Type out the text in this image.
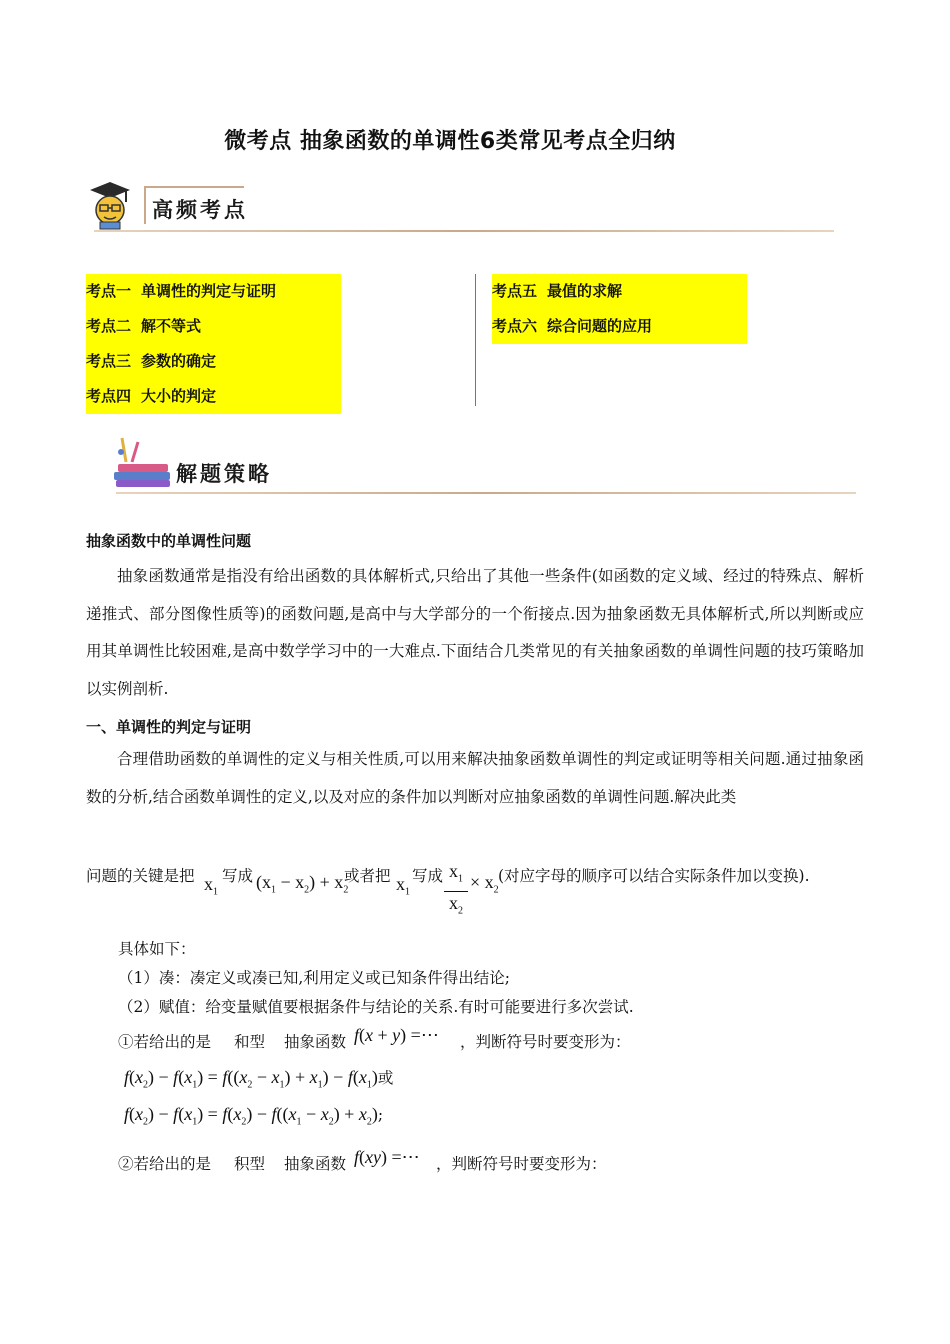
微考点 抽象函数的单调性6类常见考点全归纳
高频考点
考点一 单调性的判定与证明
考点二 解不等式
考点三 参数的确定
考点四 大小的判定
考点五 最值的求解
考点六 综合问题的应用
解题策略
抽象函数中的单调性问题
抽象函数通常是指没有给出函数的具体解析式,只给出了其他一些条件(如函数的定义域、经过的特殊点、解析递推式、部分图像性质等)的函数问题,是高中与大学部分的一个衔接点.因为抽象函数无具体解析式,所以判断或应用其单调性比较困难,是高中数学学习中的一大难点.下面结合几类常见的有关抽象函数的单调性问题的技巧策略加以实例剖析.
一、单调性的判定与证明
合理借助函数的单调性的定义与相关性质,可以用来解决抽象函数单调性的判定或证明等相关问题.通过抽象函数的分析,结合函数单调性的定义,以及对应的条件加以判断对应抽象函数的单调性问题.解决此类
问题的关键是把 $x_1$
写成 $(x_1 - x_2) + x_2$
或者把 $x_1$
写成 $x_1$
$x_2$
× $x_2$
(对应字母的顺序可以结合实际条件加以变换).
具体如下：
（1）凑：凑定义或凑已知,利用定义或已知条件得出结论;
（2）赋值：给变量赋值要根据条件与结论的关系.有时可能要进行多次尝试.
①若给出的是 和型 抽象函数 f(x + y) =⋯ ，判断符号时要变形为：
$f(x_2) - f(x_1) = f((x_2 - x_1) + x_1) - f(x_1)$或
$f(x_2) - f(x_1) = f(x_2) - f((x_1 - x_2) + x_2)$;
②若给出的是 积型 抽象函数 f(xy) =⋯ ，判断符号时要变形为：
